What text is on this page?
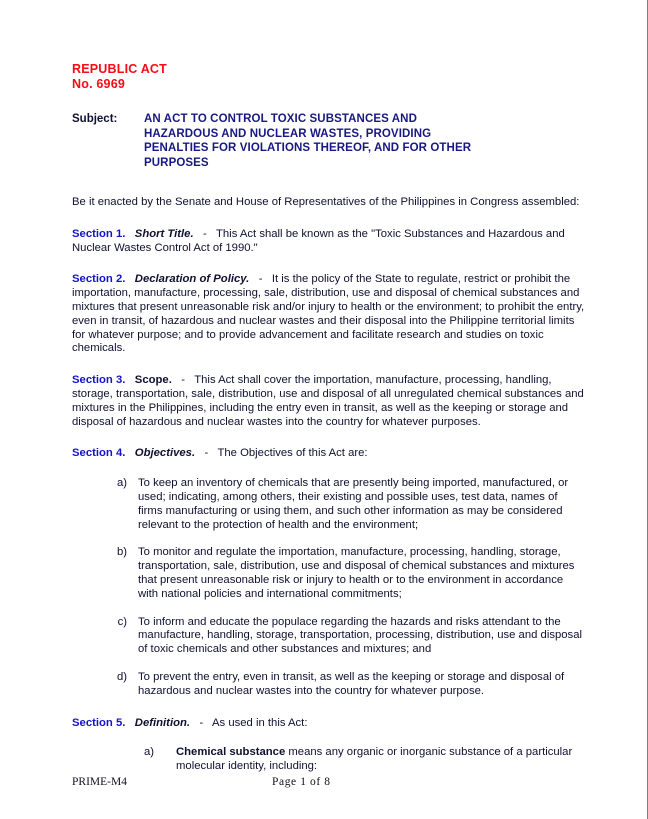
REPUBLIC ACT
No. 6969
Subject:	AN ACT TO CONTROL TOXIC SUBSTANCES AND
HAZARDOUS AND NUCLEAR WASTES, PROVIDING
PENALTIES FOR VIOLATIONS THEREOF, AND FOR OTHER
PURPOSES
Be it enacted by the Senate and House of Representatives of the Philippines in Congress assembled:
Section 1. Short Title. - This Act shall be known as the "Toxic Substances and Hazardous and Nuclear Wastes Control Act of 1990."
Section 2. Declaration of Policy. - It is the policy of the State to regulate, restrict or prohibit the importation, manufacture, processing, sale, distribution, use and disposal of chemical substances and mixtures that present unreasonable risk and/or injury to health or the environment; to prohibit the entry, even in transit, of hazardous and nuclear wastes and their disposal into the Philippine territorial limits for whatever purpose; and to provide advancement and facilitate research and studies on toxic chemicals.
Section 3. Scope. - This Act shall cover the importation, manufacture, processing, handling, storage, transportation, sale, distribution, use and disposal of all unregulated chemical substances and mixtures in the Philippines, including the entry even in transit, as well as the keeping or storage and disposal of hazardous and nuclear wastes into the country for whatever purposes.
Section 4. Objectives. - The Objectives of this Act are:
a) To keep an inventory of chemicals that are presently being imported, manufactured, or used; indicating, among others, their existing and possible uses, test data, names of firms manufacturing or using them, and such other information as may be considered relevant to the protection of health and the environment;
b) To monitor and regulate the importation, manufacture, processing, handling, storage, transportation, sale, distribution, use and disposal of chemical substances and mixtures that present unreasonable risk or injury to health or to the environment in accordance with national policies and international commitments;
c) To inform and educate the populace regarding the hazards and risks attendant to the manufacture, handling, storage, transportation, processing, distribution, use and disposal of toxic chemicals and other substances and mixtures; and
d) To prevent the entry, even in transit, as well as the keeping or storage and disposal of hazardous and nuclear wastes into the country for whatever purpose.
Section 5. Definition. - As used in this Act:
a) Chemical substance means any organic or inorganic substance of a particular molecular identity, including:
PRIME-M4	Page 1 of 8
